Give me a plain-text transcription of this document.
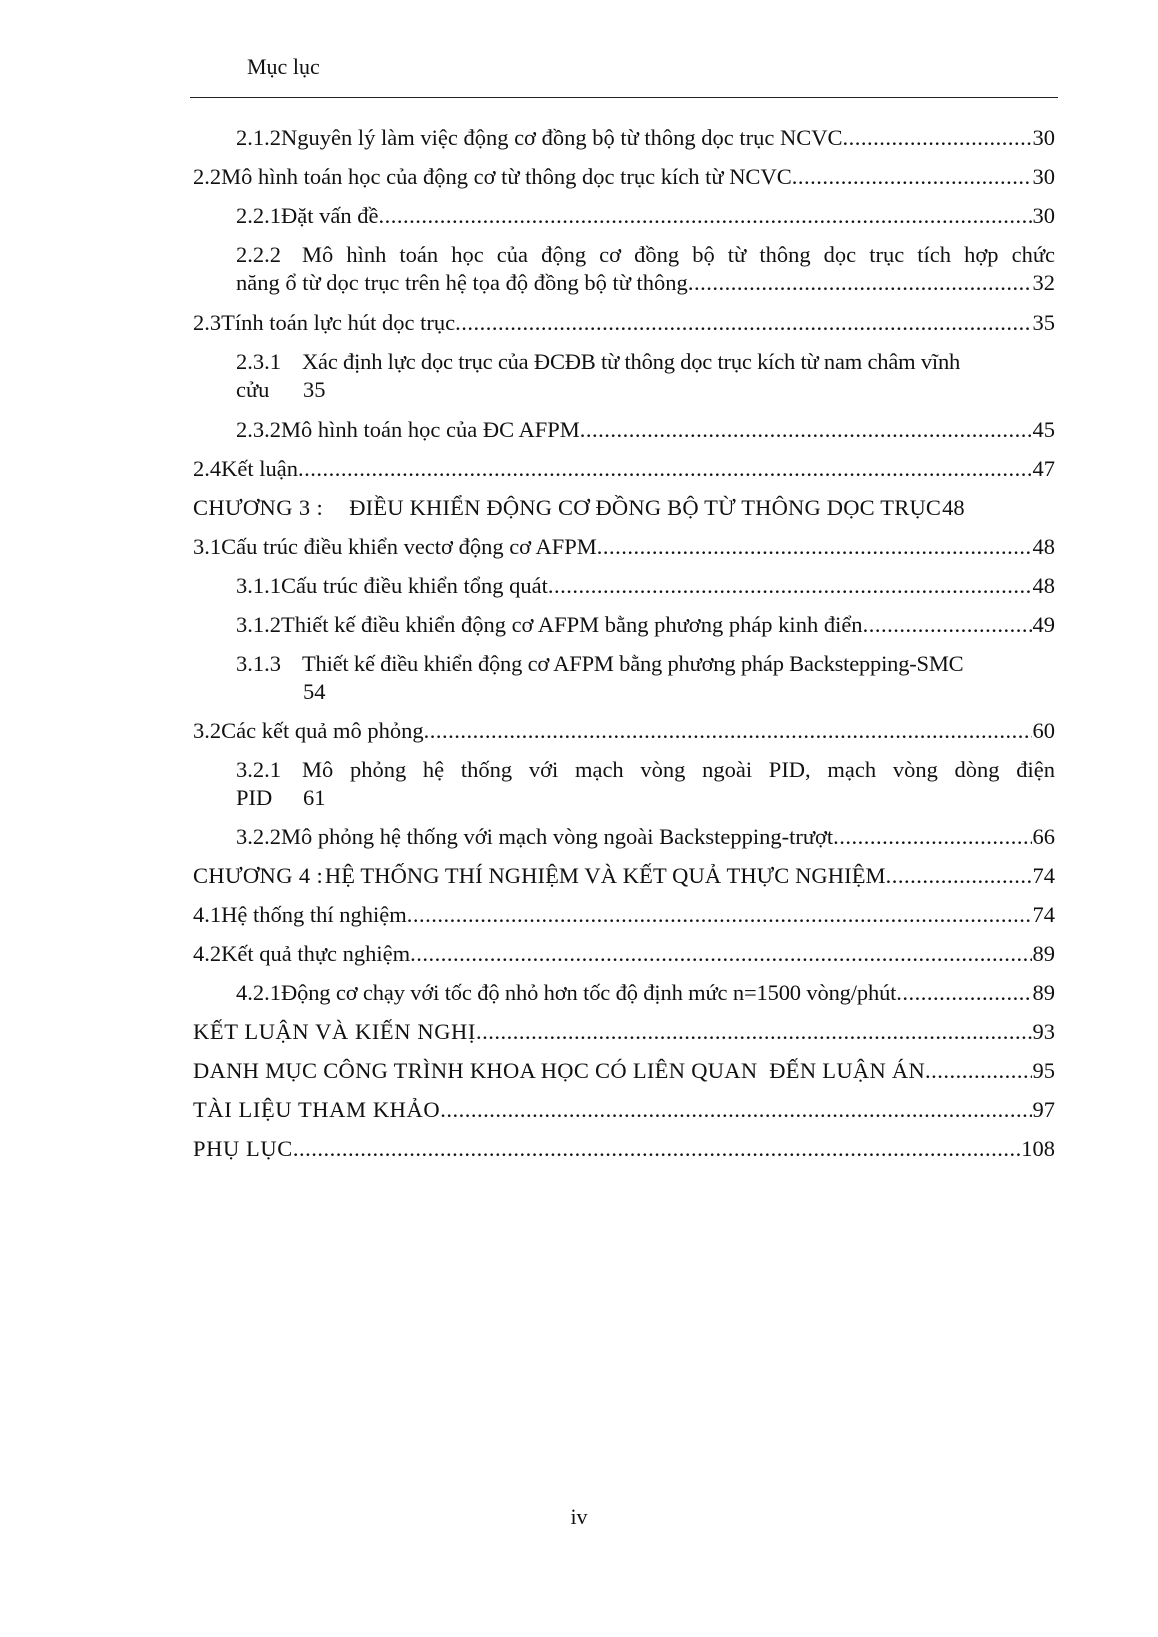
Mục lục
2.1.2 Nguyên lý làm việc động cơ đồng bộ từ thông dọc trục NCVC .....	30
2.2 Mô hình toán học của động cơ từ thông dọc trục kích từ NCVC .....	30
2.2.1 Đặt vấn đề .....	30
2.2.2 Mô hình toán học của động cơ đồng bộ từ thông dọc trục tích hợp chức
năng ổ từ dọc trục trên hệ tọa độ đồng bộ từ thông .....	32
2.3 Tính toán lực hút dọc trục .....	35
2.3.1 Xác định lực dọc trục của ĐCĐB từ thông dọc trục kích từ nam châm vĩnh
cửu	35
2.3.2 Mô hình toán học của ĐC AFPM .....	45
2.4 Kết luận .....	47
CHƯƠNG 3 : ĐIỀU KHIỂN ĐỘNG CƠ ĐỒNG BỘ TỪ THÔNG DỌC TRỤC 48
3.1 Cấu trúc điều khiển vectơ động cơ AFPM .....	48
3.1.1 Cấu trúc điều khiển tổng quát .....	48
3.1.2 Thiết kế điều khiển động cơ AFPM bằng phương pháp kinh điển .....	49
3.1.3 Thiết kế điều khiển động cơ AFPM bằng phương pháp Backstepping-SMC
54
3.2 Các kết quả mô phỏng .....	60
3.2.1 Mô phỏng hệ thống với mạch vòng ngoài PID, mạch vòng dòng điện
PID	61
3.2.2 Mô phỏng hệ thống với mạch vòng ngoài Backstepping-trượt .....	66
CHƯƠNG 4 : HỆ THỐNG THÍ NGHIỆM VÀ KẾT QUẢ THỰC NGHIỆM .....	74
4.1 Hệ thống thí nghiệm .....	74
4.2 Kết quả thực nghiệm .....	89
4.2.1 Động cơ chạy với tốc độ nhỏ hơn tốc độ định mức n=1500 vòng/phút .....	89
KẾT LUẬN VÀ KIẾN NGHỊ .....	93
DANH MỤC CÔNG TRÌNH KHOA HỌC CÓ LIÊN QUAN  ĐẾN LUẬN ÁN .....	95
TÀI LIỆU THAM KHẢO .....	97
PHỤ LỤC .....	108
iv
